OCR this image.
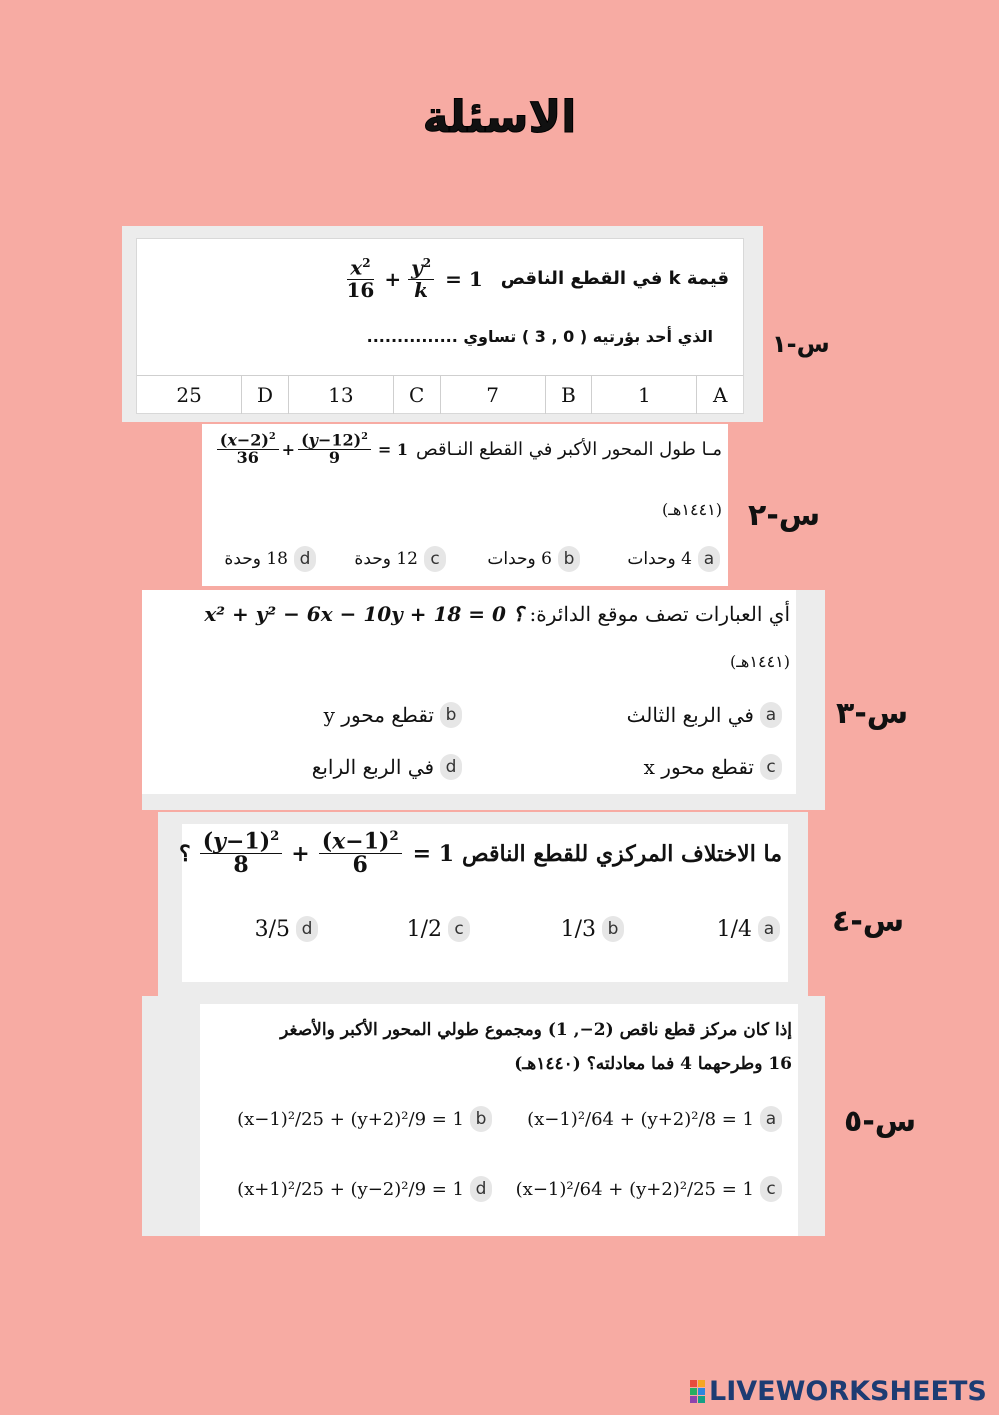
الاسئلة
س-١
$\frac{x^2}{16} + \frac{y^2}{k} = 1$ قيمة k في القطع الناقص
الذي أحد بؤرتيه ( 0 , 3 ) تساوي ...............
25	D	13	C	7	B	1	A
س-٢
$\frac{(x-2)^2}{36} + \frac{(y-12)^2}{9} = 1$ مـا طول المحور الأكبر في القطع النـاقص
(١٤٤١هـ)
a
4 وحدات
b
6 وحدات
c
12 وحدة
d
18 وحدة
س-٣
x² + y² − 6x − 10y + 18 = 0 ؟ أي العبارات تصف موقع الدائرة:
(١٤٤١هـ)
a
في الربع الثالث
b
تقطع محور y
c
تقطع محور x
d
في الربع الرابع
س-٤
؟ $\frac{(y-1)^2}{8} + \frac{(x-1)^2}{6} = 1$ ما الاختلاف المركزي للقطع الناقص
a
1/4
b
1/3
c
1/2
d
3/5
س-٥
إذا كان مركز قطع ناقص (2−, 1) ومجموع طولي المحور الأكبر والأصغر
16 وطرحهما 4 فما معادلته؟ (١٤٤٠هـ)
a
(x−1)²/64 + (y+2)²/8 = 1
b
(x−1)²/25 + (y+2)²/9 = 1
c
(x−1)²/64 + (y+2)²/25 = 1
d
(x+1)²/25 + (y−2)²/9 = 1
LIVEWORKSHEETS
